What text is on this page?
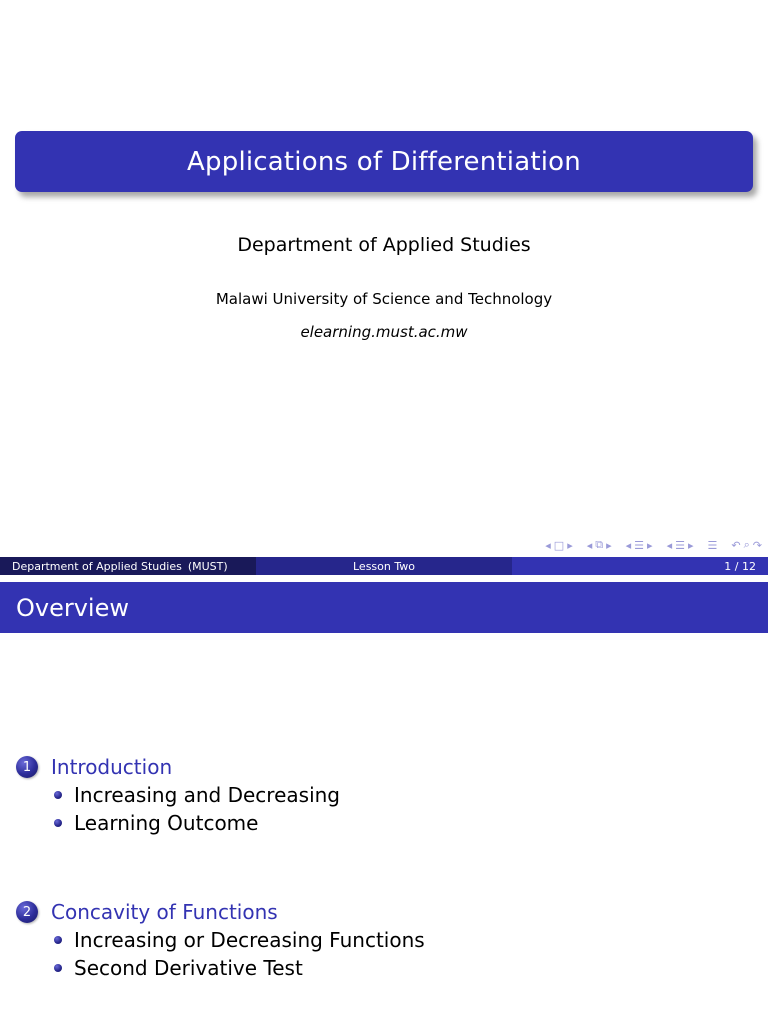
Applications of Differentiation
Department of Applied Studies
Malawi University of Science and Technology
elearning.must.ac.mw
◂ □ ▸ ◂ ⧉ ▸ ◂ ☰ ▸ ◂ ☰ ▸ ☰ ↶ ⌕ ↷
Department of Applied Studies (MUST)	Lesson Two	1 / 12
Overview
1 Introduction
Increasing and Decreasing
Learning Outcome
2 Concavity of Functions
Increasing or Decreasing Functions
Second Derivative Test
